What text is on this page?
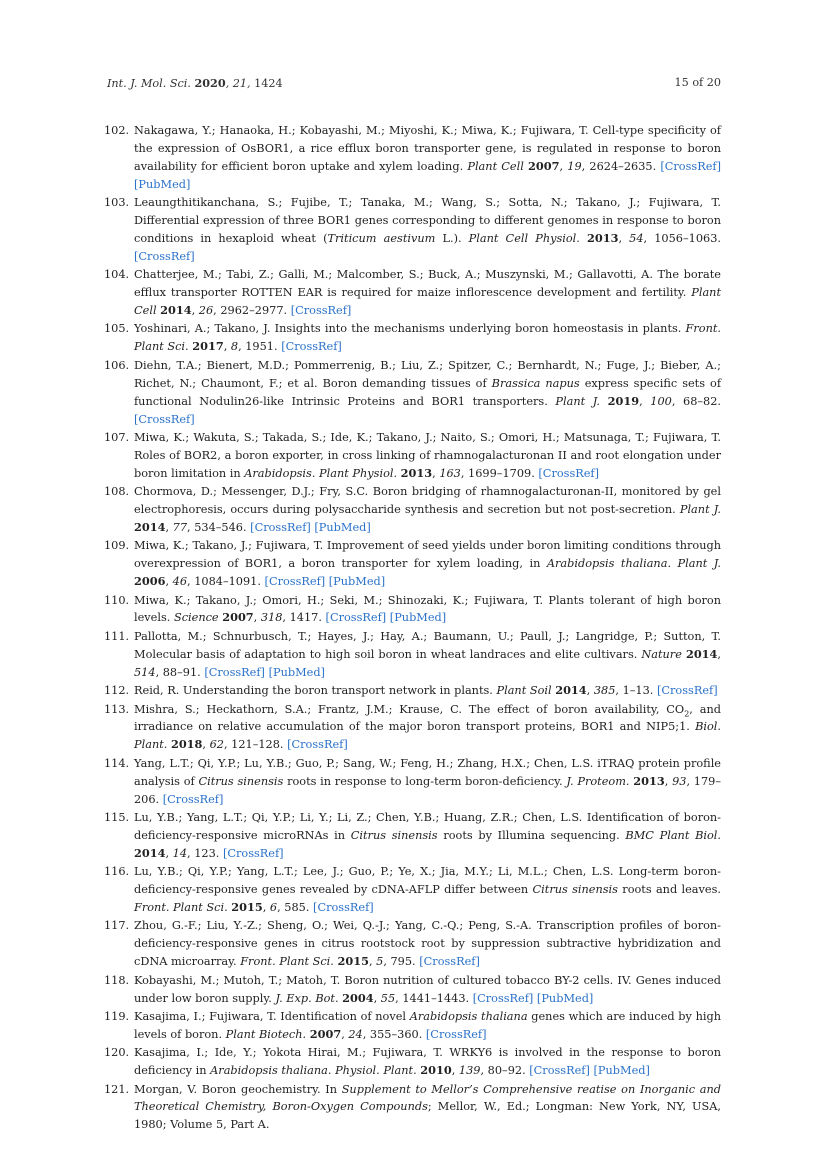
Int. J. Mol. Sci. 2020, 21, 1424	15 of 20
102. Nakagawa, Y.; Hanaoka, H.; Kobayashi, M.; Miyoshi, K.; Miwa, K.; Fujiwara, T. Cell-type specificity of the expression of OsBOR1, a rice efflux boron transporter gene, is regulated in response to boron availability for efficient boron uptake and xylem loading. Plant Cell 2007, 19, 2624–2635. [CrossRef] [PubMed]
103. Leaungthitikanchana, S.; Fujibe, T.; Tanaka, M.; Wang, S.; Sotta, N.; Takano, J.; Fujiwara, T. Differential expression of three BOR1 genes corresponding to different genomes in response to boron conditions in hexaploid wheat (Triticum aestivum L.). Plant Cell Physiol. 2013, 54, 1056–1063. [CrossRef]
104. Chatterjee, M.; Tabi, Z.; Galli, M.; Malcomber, S.; Buck, A.; Muszynski, M.; Gallavotti, A. The borate efflux transporter ROTTEN EAR is required for maize inflorescence development and fertility. Plant Cell 2014, 26, 2962–2977. [CrossRef]
105. Yoshinari, A.; Takano, J. Insights into the mechanisms underlying boron homeostasis in plants. Front. Plant Sci. 2017, 8, 1951. [CrossRef]
106. Diehn, T.A.; Bienert, M.D.; Pommerrenig, B.; Liu, Z.; Spitzer, C.; Bernhardt, N.; Fuge, J.; Bieber, A.; Richet, N.; Chaumont, F.; et al. Boron demanding tissues of Brassica napus express specific sets of functional Nodulin26-like Intrinsic Proteins and BOR1 transporters. Plant J. 2019, 100, 68–82. [CrossRef]
107. Miwa, K.; Wakuta, S.; Takada, S.; Ide, K.; Takano, J.; Naito, S.; Omori, H.; Matsunaga, T.; Fujiwara, T. Roles of BOR2, a boron exporter, in cross linking of rhamnogalacturonan II and root elongation under boron limitation in Arabidopsis. Plant Physiol. 2013, 163, 1699–1709. [CrossRef]
108. Chormova, D.; Messenger, D.J.; Fry, S.C. Boron bridging of rhamnogalacturonan-II, monitored by gel electrophoresis, occurs during polysaccharide synthesis and secretion but not post-secretion. Plant J. 2014, 77, 534–546. [CrossRef] [PubMed]
109. Miwa, K.; Takano, J.; Fujiwara, T. Improvement of seed yields under boron limiting conditions through overexpression of BOR1, a boron transporter for xylem loading, in Arabidopsis thaliana. Plant J. 2006, 46, 1084–1091. [CrossRef] [PubMed]
110. Miwa, K.; Takano, J.; Omori, H.; Seki, M.; Shinozaki, K.; Fujiwara, T. Plants tolerant of high boron levels. Science 2007, 318, 1417. [CrossRef] [PubMed]
111. Pallotta, M.; Schnurbusch, T.; Hayes, J.; Hay, A.; Baumann, U.; Paull, J.; Langridge, P.; Sutton, T. Molecular basis of adaptation to high soil boron in wheat landraces and elite cultivars. Nature 2014, 514, 88–91. [CrossRef] [PubMed]
112. Reid, R. Understanding the boron transport network in plants. Plant Soil 2014, 385, 1–13. [CrossRef]
113. Mishra, S.; Heckathorn, S.A.; Frantz, J.M.; Krause, C. The effect of boron availability, $CO_2$, and irradiance on relative accumulation of the major boron transport proteins, BOR1 and NIP5;1. Biol. Plant. 2018, 62, 121–128. [CrossRef]
114. Yang, L.T.; Qi, Y.P.; Lu, Y.B.; Guo, P.; Sang, W.; Feng, H.; Zhang, H.X.; Chen, L.S. iTRAQ protein profile analysis of Citrus sinensis roots in response to long-term boron-deficiency. J. Proteom. 2013, 93, 179–206. [CrossRef]
115. Lu, Y.B.; Yang, L.T.; Qi, Y.P.; Li, Y.; Li, Z.; Chen, Y.B.; Huang, Z.R.; Chen, L.S. Identification of boron-deficiency-responsive microRNAs in Citrus sinensis roots by Illumina sequencing. BMC Plant Biol. 2014, 14, 123. [CrossRef]
116. Lu, Y.B.; Qi, Y.P.; Yang, L.T.; Lee, J.; Guo, P.; Ye, X.; Jia, M.Y.; Li, M.L.; Chen, L.S. Long-term boron-deficiency-responsive genes revealed by cDNA-AFLP differ between Citrus sinensis roots and leaves. Front. Plant Sci. 2015, 6, 585. [CrossRef]
117. Zhou, G.-F.; Liu, Y.-Z.; Sheng, O.; Wei, Q.-J.; Yang, C.-Q.; Peng, S.-A. Transcription profiles of boron-deficiency-responsive genes in citrus rootstock root by suppression subtractive hybridization and cDNA microarray. Front. Plant Sci. 2015, 5, 795. [CrossRef]
118. Kobayashi, M.; Mutoh, T.; Matoh, T. Boron nutrition of cultured tobacco BY-2 cells. IV. Genes induced under low boron supply. J. Exp. Bot. 2004, 55, 1441–1443. [CrossRef] [PubMed]
119. Kasajima, I.; Fujiwara, T. Identification of novel Arabidopsis thaliana genes which are induced by high levels of boron. Plant Biotech. 2007, 24, 355–360. [CrossRef]
120. Kasajima, I.; Ide, Y.; Yokota Hirai, M.; Fujiwara, T. WRKY6 is involved in the response to boron deficiency in Arabidopsis thaliana. Physiol. Plant. 2010, 139, 80–92. [CrossRef] [PubMed]
121. Morgan, V. Boron geochemistry. In Supplement to Mellor’s Comprehensive reatise on Inorganic and Theoretical Chemistry, Boron-Oxygen Compounds; Mellor, W., Ed.; Longman: New York, NY, USA, 1980; Volume 5, Part A.
